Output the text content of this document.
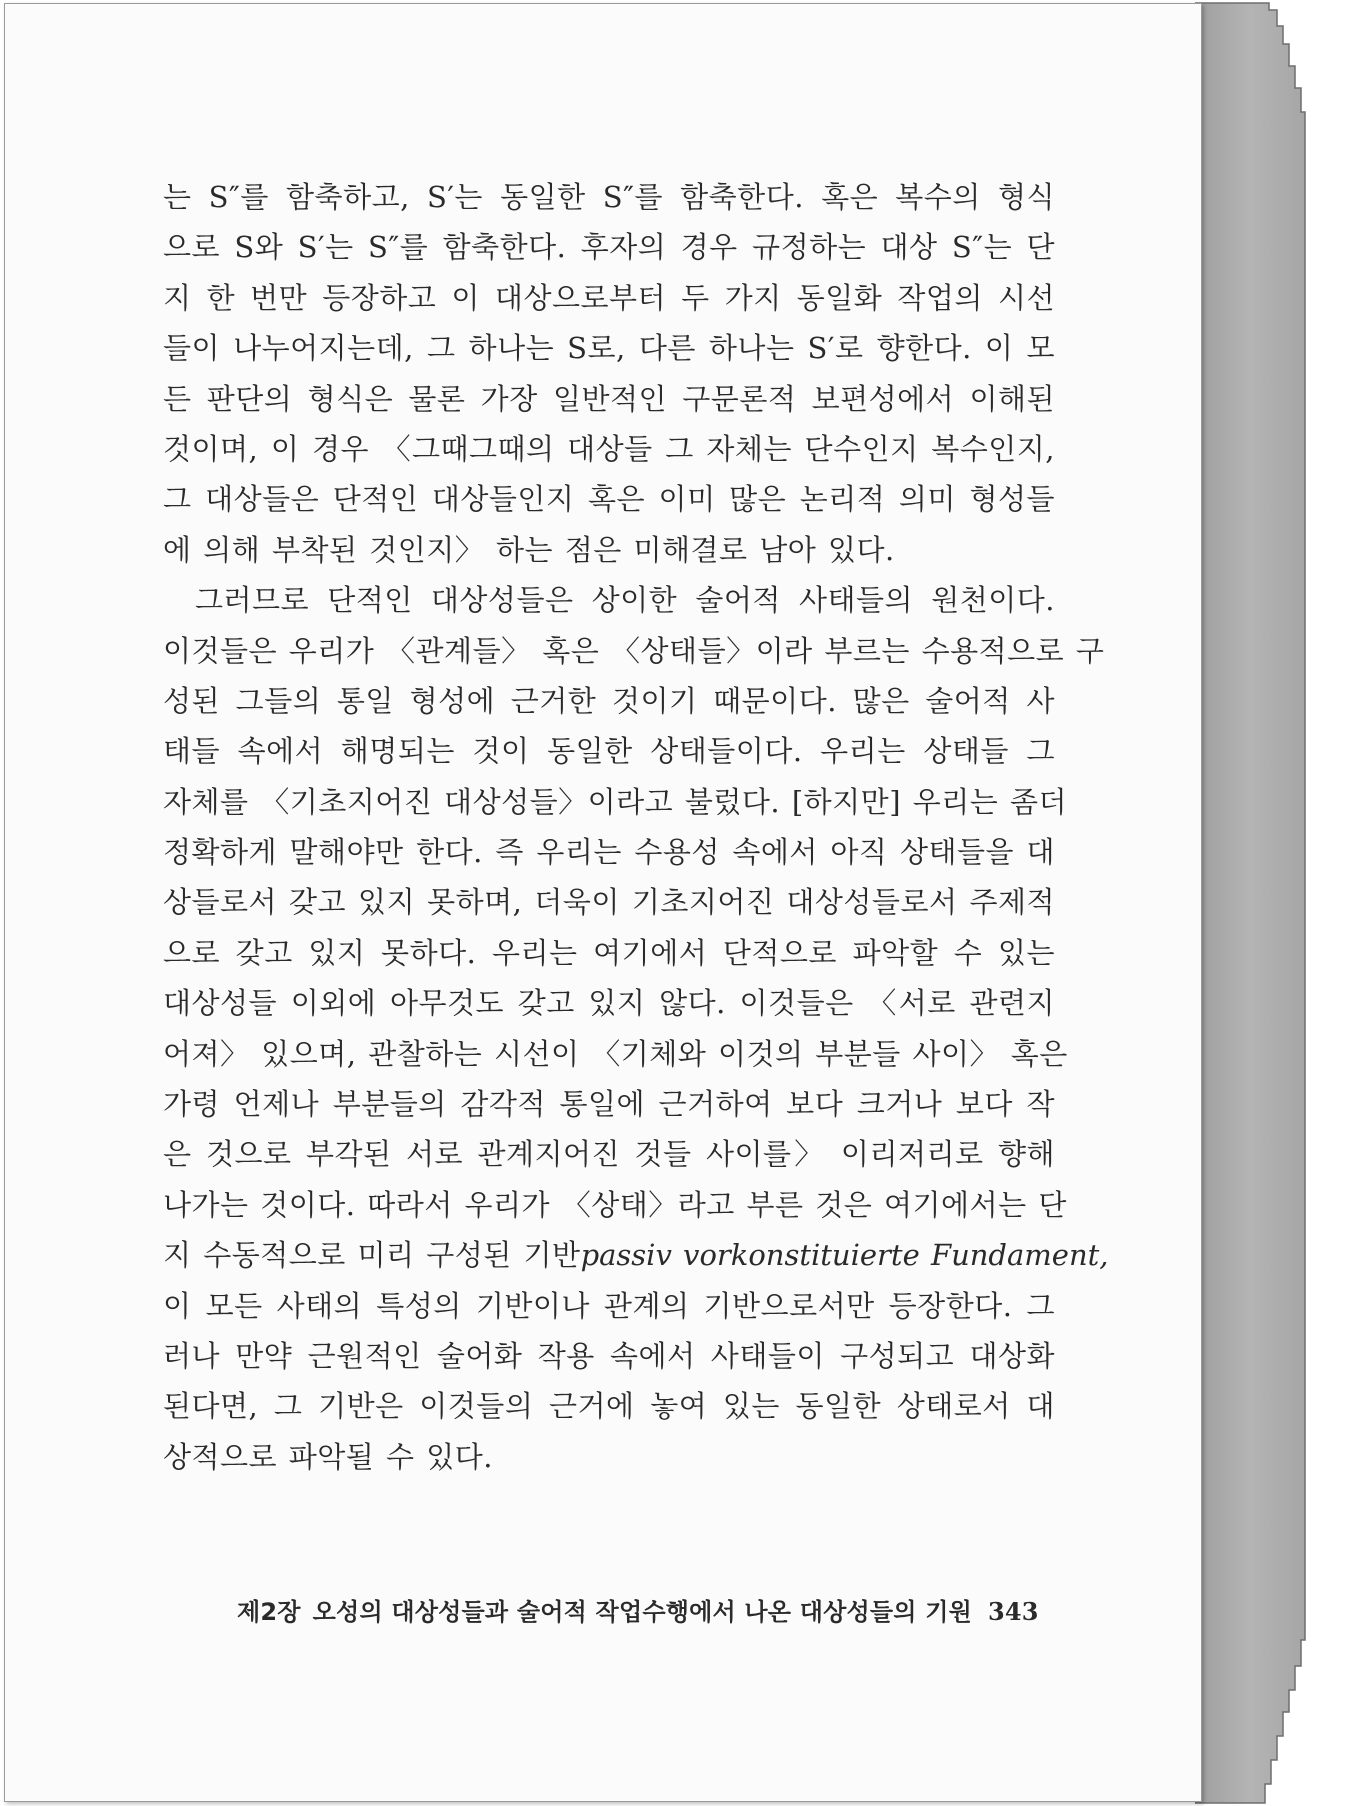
는 S″를 함축하고, S′는 동일한 S″를 함축한다. 혹은 복수의 형식
으로 S와 S′는 S″를 함축한다. 후자의 경우 규정하는 대상 S″는 단
지 한 번만 등장하고 이 대상으로부터 두 가지 동일화 작업의 시선
들이 나누어지는데, 그 하나는 S로, 다른 하나는 S′로 향한다. 이 모
든 판단의 형식은 물론 가장 일반적인 구문론적 보편성에서 이해된
것이며, 이 경우 〈그때그때의 대상들 그 자체는 단수인지 복수인지,
그 대상들은 단적인 대상들인지 혹은 이미 많은 논리적 의미 형성들
에 의해 부착된 것인지〉 하는 점은 미해결로 남아 있다.
그러므로 단적인 대상성들은 상이한 술어적 사태들의 원천이다.
이것들은 우리가 〈관계들〉 혹은 〈상태들〉이라 부르는 수용적으로 구
성된 그들의 통일 형성에 근거한 것이기 때문이다. 많은 술어적 사
태들 속에서 해명되는 것이 동일한 상태들이다. 우리는 상태들 그
자체를 〈기초지어진 대상성들〉이라고 불렀다. [하지만] 우리는 좀더
정확하게 말해야만 한다. 즉 우리는 수용성 속에서 아직 상태들을 대
상들로서 갖고 있지 못하며, 더욱이 기초지어진 대상성들로서 주제적
으로 갖고 있지 못하다. 우리는 여기에서 단적으로 파악할 수 있는
대상성들 이외에 아무것도 갖고 있지 않다. 이것들은 〈서로 관련지
어져〉 있으며, 관찰하는 시선이 〈기체와 이것의 부분들 사이〉 혹은
가령 언제나 부분들의 감각적 통일에 근거하여 보다 크거나 보다 작
은 것으로 부각된 서로 관계지어진 것들 사이를〉 이리저리로 향해
나가는 것이다. 따라서 우리가 〈상태〉라고 부른 것은 여기에서는 단
지 수동적으로 미리 구성된 기반passiv vorkonstituierte Fundament,
이 모든 사태의 특성의 기반이나 관계의 기반으로서만 등장한다. 그
러나 만약 근원적인 술어화 작용 속에서 사태들이 구성되고 대상화
된다면, 그 기반은 이것들의 근거에 놓여 있는 동일한 상태로서 대
상적으로 파악될 수 있다.
제2장 오성의 대상성들과 술어적 작업수행에서 나온 대상성들의 기원 343
